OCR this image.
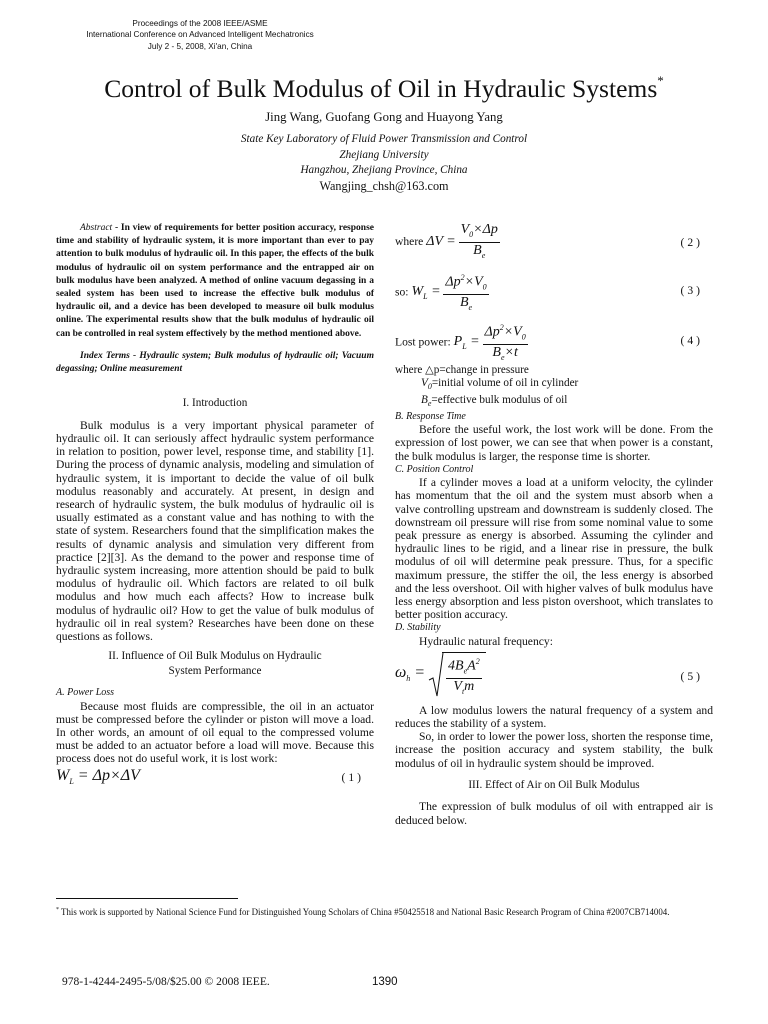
Proceedings of the 2008 IEEE/ASME
International Conference on Advanced Intelligent Mechatronics
July 2 - 5, 2008, Xi'an, China
Control of Bulk Modulus of Oil in Hydraulic Systems*
Jing Wang, Guofang Gong and Huayong Yang
State Key Laboratory of Fluid Power Transmission and Control
Zhejiang University
Hangzhou, Zhejiang Province, China
Wangjing_chsh@163.com

Abstract - In view of requirements for better position accuracy, response time and stability of hydraulic system, it is more important than ever to pay attention to bulk modulus of hydraulic oil. In this paper, the effects of the bulk modulus of hydraulic oil on system performance and the entrapped air on bulk modulus have been analyzed. A method of online vacuum degassing in a sealed system has been used to increase the effective bulk modulus of hydraulic oil, and a device has been developed to measure oil bulk modulus online. The experimental results show that the bulk modulus of hydraulic oil can be controlled in real system effectively by the method mentioned above.

Index Terms - Hydraulic system; Bulk modulus of hydraulic oil; Vacuum degassing; Online measurement

I. Introduction

Bulk modulus is a very important physical parameter of hydraulic oil. It can seriously affect hydraulic system performance in relation to position, power level, response time, and stability [1]. During the process of dynamic analysis, modeling and simulation of hydraulic system, it is important to decide the value of oil bulk modulus reasonably and accurately. At present, in design and research of hydraulic system, the bulk modulus of hydraulic oil is usually estimated as a constant value and has nothing to with the state of system. Researchers found that the simplification makes the results of dynamic analysis and simulation very different from practice [2][3]. As the demand to the power and response time of hydraulic system increasing, more attention should be paid to bulk modulus of hydraulic oil. Which factors are related to oil bulk modulus and how much each affects? How to increase bulk modulus of hydraulic oil? How to get the value of bulk modulus of hydraulic oil in real system? Researches have been done on these questions as follows.

II. Influence of Oil Bulk Modulus on Hydraulic

System Performance

A. Power Loss

Because most fluids are compressible, the oil in an actuator must be compressed before the cylinder or piston will move a load. In other words, an amount of oil equal to the compressed volume must be added to an actuator before a load will move. Because this process does not do useful work, it is lost work:

$W_L = \Delta p\times\Delta V$	(1)
where $\Delta V = \frac{V_0\times\Delta p}{B_e}$	(2)
so: $W_L = \frac{\Delta p^2\times V_0}{B_e}$	(3)
Lost power: $P_L = \frac{\Delta p^2\times V_0}{B_e\times t}$	(4)
where △p=change in pressure
$V_0=initial$ volume of oil in cylinder
$B_e=effective$ bulk modulus of oil

B. Response Time

Before the useful work, the lost work will be done. From the expression of lost power, we can see that when power is a constant, the bulk modulus is larger, the response time is shorter.

C. Position Control

If a cylinder moves a load at a uniform velocity, the cylinder has momentum that the oil and the system must absorb when a valve controlling upstream and downstream is suddenly closed. The downstream oil pressure will rise from some nominal value to some peak pressure as energy is absorbed. Assuming the cylinder and hydraulic lines to be rigid, and a linear rise in pressure, the bulk modulus of oil will determine peak pressure. Thus, for a specific maximum pressure, the stiffer the oil, the less energy is absorbed and the less overshoot. Oil with higher valves of bulk modulus have less energy absorption and less piston overshoot, which translates to better position accuracy.

D. Stability

Hydraulic natural frequency:

$\omega_h = \frac{4B_eA^2}{V_tm}$	(5)

A low modulus lowers the natural frequency of a system and reduces the stability of a system.

So, in order to lower the power loss, shorten the response time, increase the position accuracy and system stability, the bulk modulus of oil in hydraulic system should be improved.

III. Effect of Air on Oil Bulk Modulus

The expression of bulk modulus of oil with entrapped air is deduced below.

* This work is supported by National Science Fund for Distinguished Young Scholars of China #50425518 and National Basic Research Program of China #2007CB714004.
978-1-4244-2495-5/08/$25.00 © 2008 IEEE.	1390
